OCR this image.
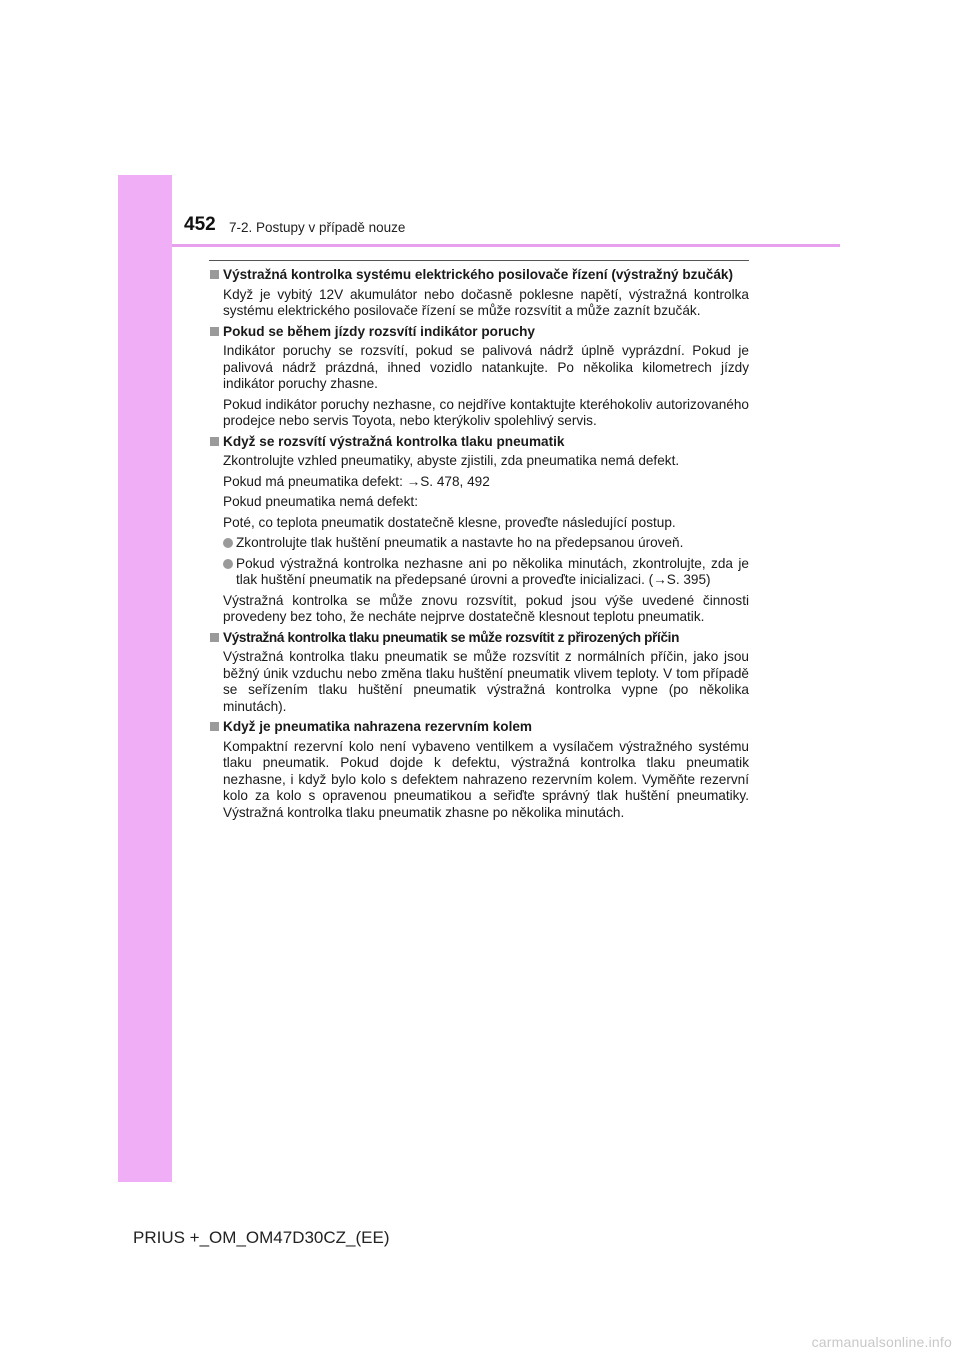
452 7-2. Postupy v případě nouze
Výstražná kontrolka systému elektrického posilovače řízení (výstražný bzučák)

Když je vybitý 12V akumulátor nebo dočasně poklesne napětí, výstražná kontrolka systému elektrického posilovače řízení se může rozsvítit a může zaznít bzučák.

Pokud se během jízdy rozsvítí indikátor poruchy

Indikátor poruchy se rozsvítí, pokud se palivová nádrž úplně vyprázdní. Pokud je palivová nádrž prázdná, ihned vozidlo natankujte. Po několika kilometrech jízdy indikátor poruchy zhasne.

Pokud indikátor poruchy nezhasne, co nejdříve kontaktujte kteréhokoliv autorizovaného prodejce nebo servis Toyota, nebo kterýkoliv spolehlivý servis.

Když se rozsvítí výstražná kontrolka tlaku pneumatik

Zkontrolujte vzhled pneumatiky, abyste zjistili, zda pneumatika nemá defekt.

Pokud má pneumatika defekt: →S. 478, 492

Pokud pneumatika nemá defekt:

Poté, co teplota pneumatik dostatečně klesne, proveďte následující postup.

Zkontrolujte tlak huštění pneumatik a nastavte ho na předepsanou úroveň.
Pokud výstražná kontrolka nezhasne ani po několika minutách, zkontrolujte, zda je tlak huštění pneumatik na předepsané úrovni a proveďte inicializaci. (→S. 395)

Výstražná kontrolka se může znovu rozsvítit, pokud jsou výše uvedené činnosti provedeny bez toho, že necháte nejprve dostatečně klesnout teplotu pneumatik.

Výstražná kontrolka tlaku pneumatik se může rozsvítit z přirozených příčin

Výstražná kontrolka tlaku pneumatik se může rozsvítit z normálních příčin, jako jsou běžný únik vzduchu nebo změna tlaku huštění pneumatik vlivem teploty. V tom případě se seřízením tlaku huštění pneumatik výstražná kontrolka vypne (po několika minutách).

Když je pneumatika nahrazena rezervním kolem

Kompaktní rezervní kolo není vybaveno ventilkem a vysílačem výstražného systému tlaku pneumatik. Pokud dojde k defektu, výstražná kontrolka tlaku pneumatik nezhasne, i když bylo kolo s defektem nahrazeno rezervním kolem. Vyměňte rezervní kolo za kolo s opravenou pneumatikou a seřiďte správný tlak huštění pneumatiky. Výstražná kontrolka tlaku pneumatik zhasne po několika minutách.

PRIUS +_OM_OM47D30CZ_(EE)
carmanualsonline.info
